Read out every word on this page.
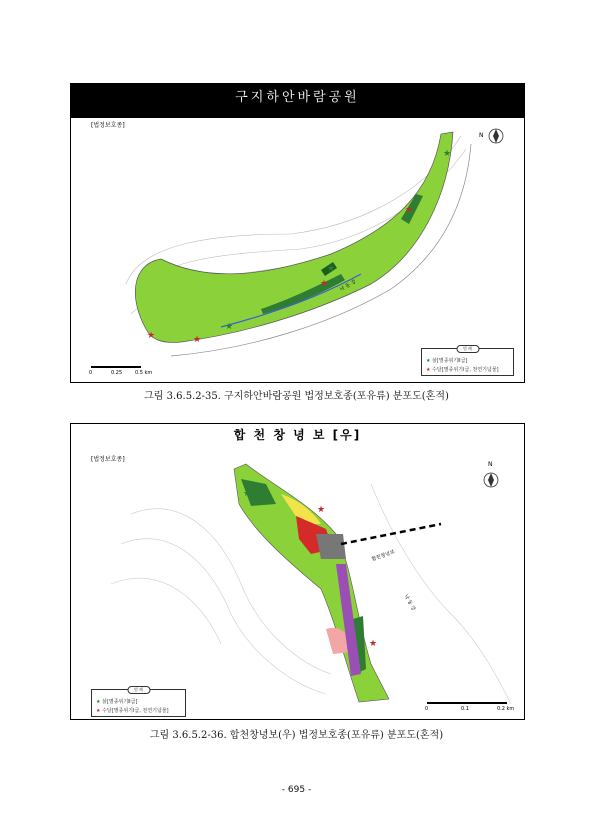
구지하안바람공원
[법정보호종]
★
★	★
★
★
★
★
N
낙 동 강
범 례
★ 삵[멸종위기Ⅱ급]
★ 수달[멸종위기Ⅰ급, 천연기념물]
0	0.25	0.5 km
그림 3.6.5.2-35. 구지하안바람공원 법정보호종(포유류) 분포도(혼적)
합 천 창 녕 보 [우]
[법정보호종]
★
★
★
N
합천창녕보
낙 동 강
범 례
★ 삵[멸종위기Ⅱ급]
★ 수달[멸종위기Ⅰ급, 천연기념물]	0	0.1	0.2 km
그림 3.6.5.2-36. 합천창녕보(우) 법정보호종(포유류) 분포도(혼적)
- 695 -
